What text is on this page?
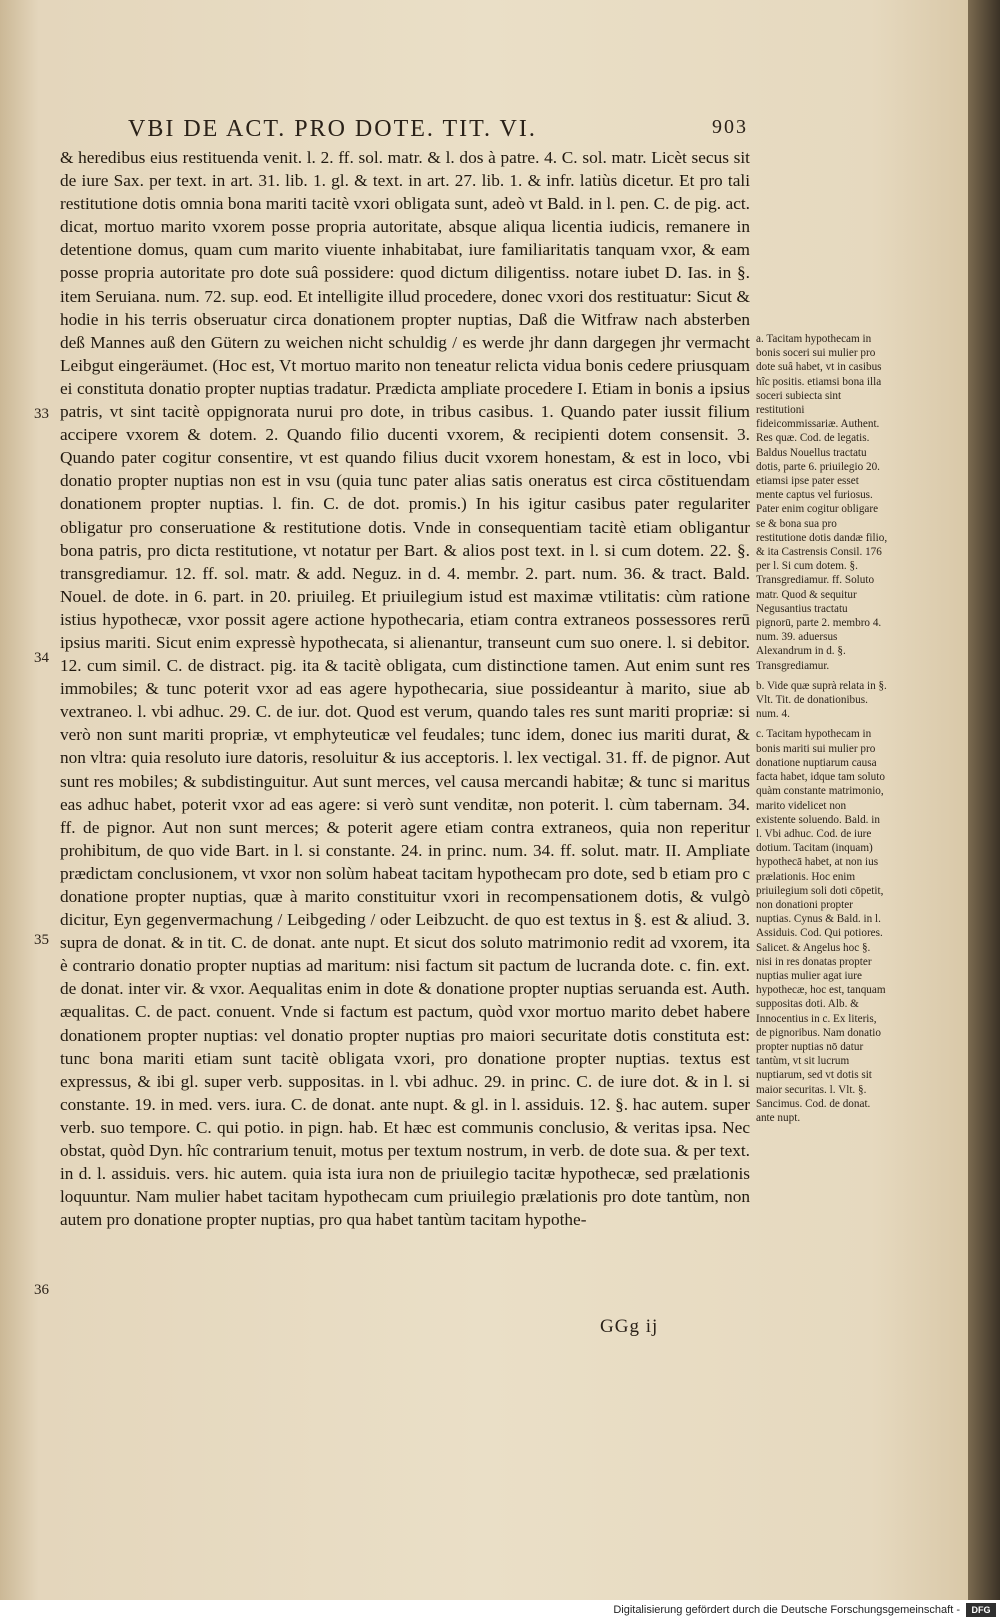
VBI DE ACT. PRO DOTE. TIT. VI.	903

& heredibus eius restituenda venit. l. 2. ff. sol. matr. & l. dos à patre. 4. C. sol. matr. Licèt secus sit de iure Sax. per text. in art. 31. lib. 1. gl. & text. in art. 27. lib. 1. & infr. latiùs dicetur. Et pro tali restitutione dotis omnia bona mariti tacitè vxori obligata sunt, adeò vt Bald. in l. pen. C. de pig. act. dicat, mortuo marito vxorem posse propria autoritate, absque aliqua licentia iudicis, remanere in detentione domus, quam cum marito viuente inhabitabat, iure familiaritatis tanquam vxor, & eam posse propria autoritate pro dote suâ possidere: quod dictum diligentiss. notare iubet D. Ias. in §. item Seruiana. num. 72. sup. eod. Et intelligite illud procedere, donec vxori dos restituatur: Sicut & hodie in his terris obseruatur circa donationem propter nuptias, Daß die Witfraw nach absterben deß Mannes auß den Gütern zu weichen nicht schuldig / es werde jhr dann dargegen jhr vermacht Leibgut eingeräumet. (Hoc est, Vt mortuo marito non teneatur relicta vidua bonis cedere priusquam ei constituta donatio propter nuptias tradatur. Prædicta ampliate procedere I. Etiam in bonis a ipsius patris, vt sint tacitè oppignorata nurui pro dote, in tribus casibus. 1. Quando pater iussit filium accipere vxorem & dotem. 2. Quando filio ducenti vxorem, & recipienti dotem consensit. 3. Quando pater cogitur consentire, vt est quando filius ducit vxorem honestam, & est in loco, vbi donatio propter nuptias non est in vsu (quia tunc pater alias satis oneratus est circa cōstituendam donationem propter nuptias. l. fin. C. de dot. promis.) In his igitur casibus pater regulariter obligatur pro conseruatione & restitutione dotis. Vnde in consequentiam tacitè etiam obligantur bona patris, pro dicta restitutione, vt notatur per Bart. & alios post text. in l. si cum dotem. 22. §. transgrediamur. 12. ff. sol. matr. & add. Neguz. in d. 4. membr. 2. part. num. 36. & tract. Bald. Nouel. de dote. in 6. part. in 20. priuileg. Et priuilegium istud est maximæ vtilitatis: cùm ratione istius hypothecæ, vxor possit agere actione hypothecaria, etiam contra extraneos possessores rerū ipsius mariti. Sicut enim expressè hypothecata, si alienantur, transeunt cum suo onere. l. si debitor. 12. cum simil. C. de distract. pig. ita & tacitè obligata, cum distinctione tamen. Aut enim sunt res immobiles; & tunc poterit vxor ad eas agere hypothecaria, siue possideantur à marito, siue ab vextraneo. l. vbi adhuc. 29. C. de iur. dot. Quod est verum, quando tales res sunt mariti propriæ: si verò non sunt mariti propriæ, vt emphyteuticæ vel feudales; tunc idem, donec ius mariti durat, & non vltra: quia resoluto iure datoris, resoluitur & ius acceptoris. l. lex vectigal. 31. ff. de pignor. Aut sunt res mobiles; & subdistinguitur. Aut sunt merces, vel causa mercandi habitæ; & tunc si maritus eas adhuc habet, poterit vxor ad eas agere: si verò sunt venditæ, non poterit. l. cùm tabernam. 34. ff. de pignor. Aut non sunt merces; & poterit agere etiam contra extraneos, quia non reperitur prohibitum, de quo vide Bart. in l. si constante. 24. in princ. num. 34. ff. solut. matr. II. Ampliate prædictam conclusionem, vt vxor non solùm habeat tacitam hypothecam pro dote, sed b etiam pro c donatione propter nuptias, quæ à marito constituitur vxori in recompensationem dotis, & vulgò dicitur, Eyn gegenvermachung / Leibgeding / oder Leibzucht. de quo est textus in §. est & aliud. 3. supra de donat. & in tit. C. de donat. ante nupt. Et sicut dos soluto matrimonio redit ad vxorem, ita è contrario donatio propter nuptias ad maritum: nisi factum sit pactum de lucranda dote. c. fin. ext. de donat. inter vir. & vxor. Aequalitas enim in dote & donatione propter nuptias seruanda est. Auth. æqualitas. C. de pact. conuent. Vnde si factum est pactum, quòd vxor mortuo marito debet habere donationem propter nuptias: vel donatio propter nuptias pro maiori securitate dotis constituta est: tunc bona mariti etiam sunt tacitè obligata vxori, pro donatione propter nuptias. textus est expressus, & ibi gl. super verb. suppositas. in l. vbi adhuc. 29. in princ. C. de iure dot. & in l. si constante. 19. in med. vers. iura. C. de donat. ante nupt. & gl. in l. assiduis. 12. §. hac autem. super verb. suo tempore. C. qui potio. in pign. hab. Et hæc est communis conclusio, & veritas ipsa. Nec obstat, quòd Dyn. hîc contrarium tenuit, motus per textum nostrum, in verb. de dote sua. & per text. in d. l. assiduis. vers. hic autem. quia ista iura non de priuilegio tacitæ hypothecæ, sed prælationis loquuntur. Nam mulier habet tacitam hypothecam cum priuilegio prælationis pro dote tantùm, non autem pro donatione propter nuptias, pro qua habet tantùm tacitam hypothe-

33
34
35
36

a. Tacitam hypothecam in bonis soceri sui mulier pro dote suâ habet, vt in casibus hîc positis. etiamsi bona illa soceri subiecta sint restitutioni fideicommissariæ. Authent. Res quæ. Cod. de legatis. Baldus Nouellus tractatu dotis, parte 6. priuilegio 20. etiamsi ipse pater esset mente captus vel furiosus. Pater enim cogitur obligare se & bona sua pro restitutione dotis dandæ filio, & ita Castrensis Consil. 176 per l. Si cum dotem. §. Transgrediamur. ff. Soluto matr. Quod & sequitur Negusantius tractatu pignorū, parte 2. membro 4. num. 39. aduersus Alexandrum in d. §. Transgrediamur.

b. Vide quæ suprà relata in §. Vlt. Tit. de donationibus. num. 4.

c. Tacitam hypothecam in bonis mariti sui mulier pro donatione nuptiarum causa facta habet, idque tam soluto quàm constante matrimonio, marito videlicet non existente soluendo. Bald. in l. Vbi adhuc. Cod. de iure dotium. Tacitam (inquam) hypothecā habet, at non ius prælationis. Hoc enim priuilegium soli doti cōpetit, non donationi propter nuptias. Cynus & Bald. in l. Assiduis. Cod. Qui potiores. Salicet. & Angelus hoc §. nisi in res donatas propter nuptias mulier agat iure hypothecæ, hoc est, tanquam suppositas doti. Alb. & Innocentius in c. Ex literis, de pignoribus. Nam donatio propter nuptias nō datur tantùm, vt sit lucrum nuptiarum, sed vt dotis sit maior securitas. l. Vlt. §. Sancimus. Cod. de donat. ante nupt.

GGg ij
Digitalisierung gefördert durch die Deutsche Forschungsgemeinschaft -	DFG
